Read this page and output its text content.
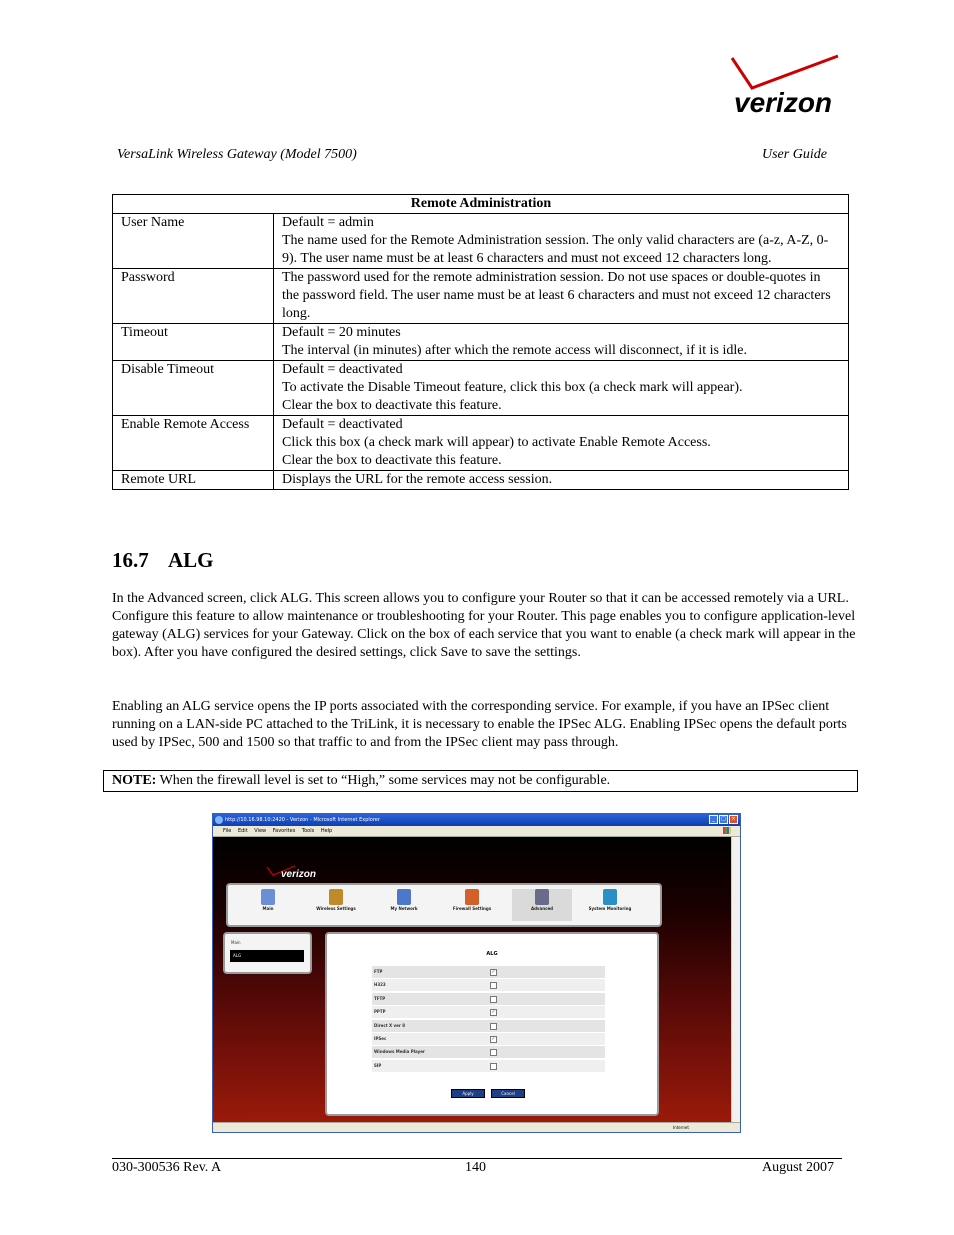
verizon
VersaLink Wireless Gateway (Model 7500)	User Guide
Remote Administration	
User Name	Default = admin
The name used for the Remote Administration session. The only valid characters are (a-z, A-Z, 0-9). The user name must be at least 6 characters and must not exceed 12 characters long.

Password	The password used for the remote administration session. Do not use spaces or double-quotes in the password field. The user name must be at least 6 characters and must not exceed 12 characters long.

Timeout	Default = 20 minutes
The interval (in minutes) after which the remote access will disconnect, if it is idle.

Disable Timeout	Default = deactivated
To activate the Disable Timeout feature, click this box (a check mark will appear).
Clear the box to deactivate this feature.

Enable Remote Access	Default = deactivated
Click this box (a check mark will appear) to activate Enable Remote Access.
Clear the box to deactivate this feature.

Remote URL	Displays the URL for the remote access session.
16.7 ALG
In the Advanced screen, click ALG. This screen allows you to configure your Router so that it can be accessed remotely via a URL. Configure this feature to allow maintenance or troubleshooting for your Router. This page enables you to configure application-level gateway (ALG) services for your Gateway. Click on the box of each service that you want to enable (a check mark will appear in the box). After you have configured the desired settings, click Save to save the settings.
Enabling an ALG service opens the IP ports associated with the corresponding service. For example, if you have an IPSec client running on a LAN-side PC attached to the TriLink, it is necessary to enable the IPSec ALG. Enabling IPSec opens the default ports used by IPSec, 500 and 1500 so that traffic to and from the IPSec client may pass through.
NOTE: When the firewall level is set to “High,” some services may not be configurable.
http://10.16.98.10:2420 - Verizon - Microsoft Internet Explorer	_	□	×
File Edit View Favorites Tools Help
verizon
Main	Wireless Settings	My Network	Firewall Settings	Advanced	System Monitoring
Main
ALG	ALG
FTP	✓
H323
TFTP
PPTP	✓
Direct X ver 8
IPSec	✓
Windows Media Player
SIP
Apply	Cancel
Internet
030-300536 Rev. A	140	August 2007
